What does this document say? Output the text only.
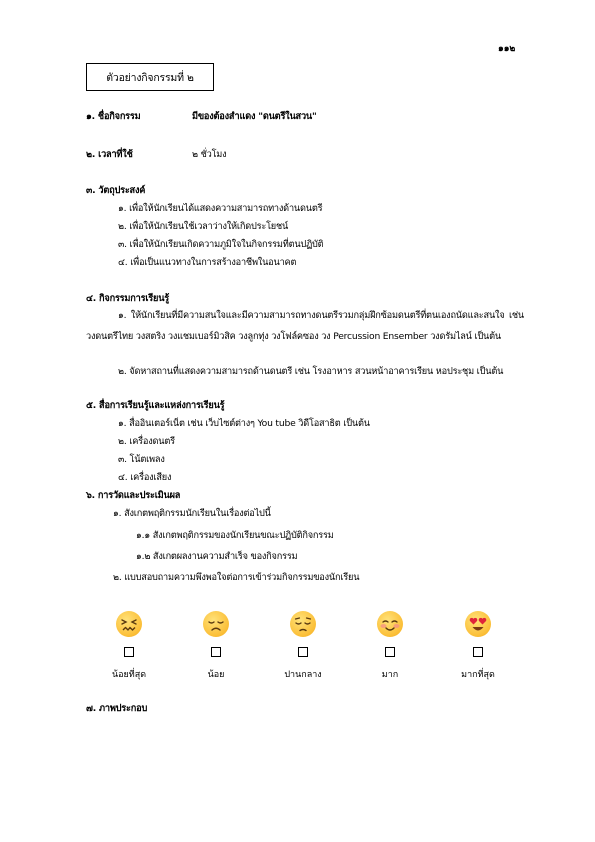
๑๑๒
ตัวอย่างกิจกรรมที่ ๒
๑. ชื่อกิจกรรม	มีของต้องสำแดง "ดนตรีในสวน"
๒. เวลาที่ใช้	๒ ชั่วโมง
๓. วัตถุประสงค์
๑. เพื่อให้นักเรียนได้แสดงความสามารถทางด้านดนตรี
๒. เพื่อให้นักเรียนใช้เวลาว่างให้เกิดประโยชน์
๓. เพื่อให้นักเรียนเกิดความภูมิใจในกิจกรรมที่ตนปฏิบัติ
๔. เพื่อเป็นแนวทางในการสร้างอาชีพในอนาคต
๔. กิจกรรมการเรียนรู้
๑. ให้นักเรียนที่มีความสนใจและมีความสามารถทางดนตรีรวมกลุ่มฝึกซ้อมดนตรีที่ตนเองถนัดและสนใจ เช่น วงดนตรีไทย วงสตริง วงแชมเบอร์มิวสิค วงลูกทุ่ง วงโฟล์คซอง วง Percussion Ensember วงดรัมไลน์ เป็นต้น
๒. จัดหาสถานที่แสดงความสามารถด้านดนตรี เช่น โรงอาหาร สวนหน้าอาคารเรียน หอประชุม เป็นต้น
๕. สื่อการเรียนรู้และแหล่งการเรียนรู้
๑. สื่ออินเตอร์เน็ต เช่น เว็บไซต์ต่างๆ You tube วิดีโอสาธิต เป็นต้น
๒. เครื่องดนตรี
๓. โน้ตเพลง
๔. เครื่องเสียง
๖. การวัดและประเมินผล
๑. สังเกตพฤติกรรมนักเรียนในเรื่องต่อไปนี้
๑.๑ สังเกตพฤติกรรมของนักเรียนขณะปฏิบัติกิจกรรม
๑.๒ สังเกตผลงานความสำเร็จ ของกิจกรรม
๒. แบบสอบถามความพึงพอใจต่อการเข้าร่วมกิจกรรมของนักเรียน
น้อยที่สุด	น้อย	ปานกลาง	มาก	มากที่สุด
๗. ภาพประกอบ
